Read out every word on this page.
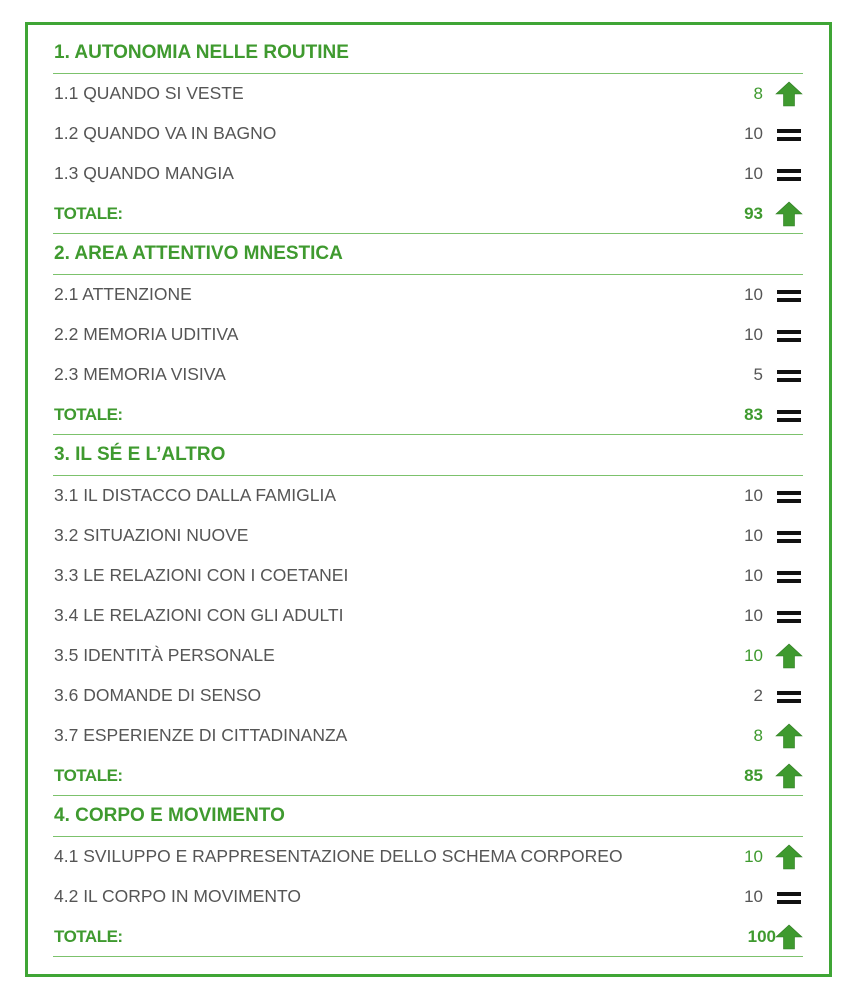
1. AUTONOMIA NELLE ROUTINE
1.1 QUANDO SI VESTE	8
1.2 QUANDO VA IN BAGNO	10
1.3 QUANDO MANGIA	10
TOTALE:	93
2. AREA ATTENTIVO MNESTICA
2.1 ATTENZIONE	10
2.2 MEMORIA UDITIVA	10
2.3 MEMORIA VISIVA	5
TOTALE:	83
3. IL SÉ E L’ALTRO
3.1 IL DISTACCO DALLA FAMIGLIA	10
3.2 SITUAZIONI NUOVE	10
3.3 LE RELAZIONI CON I COETANEI	10
3.4 LE RELAZIONI CON GLI ADULTI	10
3.5 IDENTITÀ PERSONALE	10
3.6 DOMANDE DI SENSO	2
3.7 ESPERIENZE DI CITTADINANZA	8
TOTALE:	85
4. CORPO E MOVIMENTO
4.1 SVILUPPO E RAPPRESENTAZIONE DELLO SCHEMA CORPOREO	10
4.2 IL CORPO IN MOVIMENTO	10
TOTALE:	100
